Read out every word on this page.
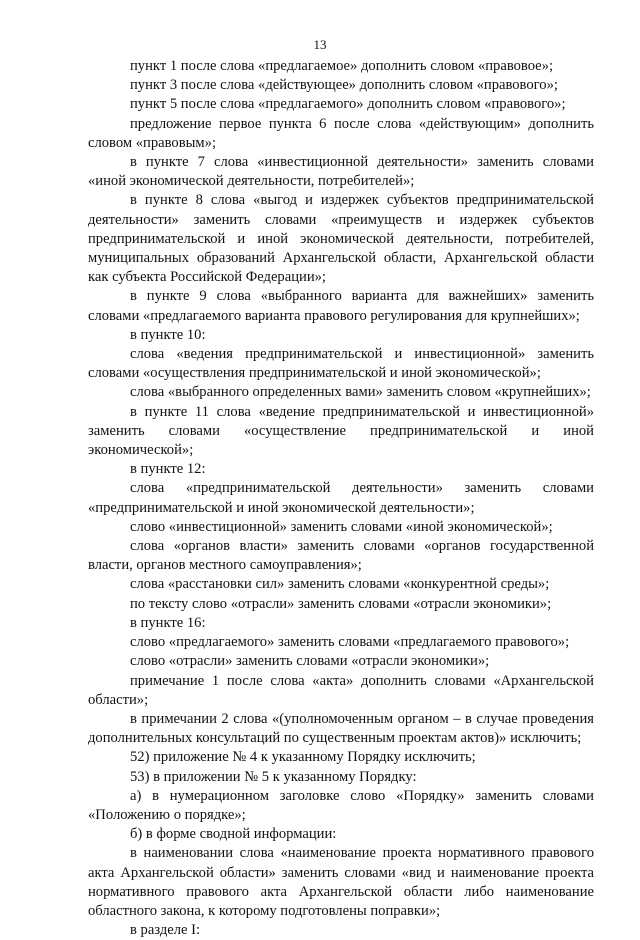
13

пункт 1 после слова «предлагаемое» дополнить словом «правовое»;

пункт 3 после слова «действующее» дополнить словом «правового»;

пункт 5 после слова «предлагаемого» дополнить словом «правового»;

предложение первое пункта 6 после слова «действующим» дополнить словом «правовым»;

в пункте 7 слова «инвестиционной деятельности» заменить словами «иной экономической деятельности, потребителей»;

в пункте 8 слова «выгод и издержек субъектов предпринимательской деятельности» заменить словами «преимуществ и издержек субъектов предпринимательской и иной экономической деятельности, потребителей, муниципальных образований Архангельской области, Архангельской области как субъекта Российской Федерации»;

в пункте 9 слова «выбранного варианта для важнейших» заменить словами «предлагаемого варианта правового регулирования для крупнейших»;

в пункте 10:

слова «ведения предпринимательской и инвестиционной» заменить словами «осуществления предпринимательской и иной экономической»;

слова «выбранного определенных вами» заменить словом «крупнейших»;

в пункте 11 слова «ведение предпринимательской и инвестиционной» заменить словами «осуществление предпринимательской и иной экономической»;

в пункте 12:

слова «предпринимательской деятельности» заменить словами «предпринимательской и иной экономической деятельности»;

слово «инвестиционной» заменить словами «иной экономической»;

слова «органов власти» заменить словами «органов государственной власти, органов местного самоуправления»;

слова «расстановки сил» заменить словами «конкурентной среды»;

по тексту слово «отрасли» заменить словами «отрасли экономики»;

в пункте 16:

слово «предлагаемого» заменить словами «предлагаемого правового»;

слово «отрасли» заменить словами «отрасли экономики»;

примечание 1 после слова «акта» дополнить словами «Архангельской области»;

в примечании 2 слова «(уполномоченным органом – в случае проведения дополнительных консультаций по существенным проектам актов)» исключить;

52) приложение № 4 к указанному Порядку исключить;

53) в приложении № 5 к указанному Порядку:

а) в нумерационном заголовке слово «Порядку» заменить словами «Положению о порядке»;

б) в форме сводной информации:

в наименовании слова «наименование проекта нормативного правового акта Архангельской области» заменить словами «вид и наименование проекта нормативного правового акта Архангельской области либо наименование областного закона, к которому подготовлены поправки»;

в разделе I:
